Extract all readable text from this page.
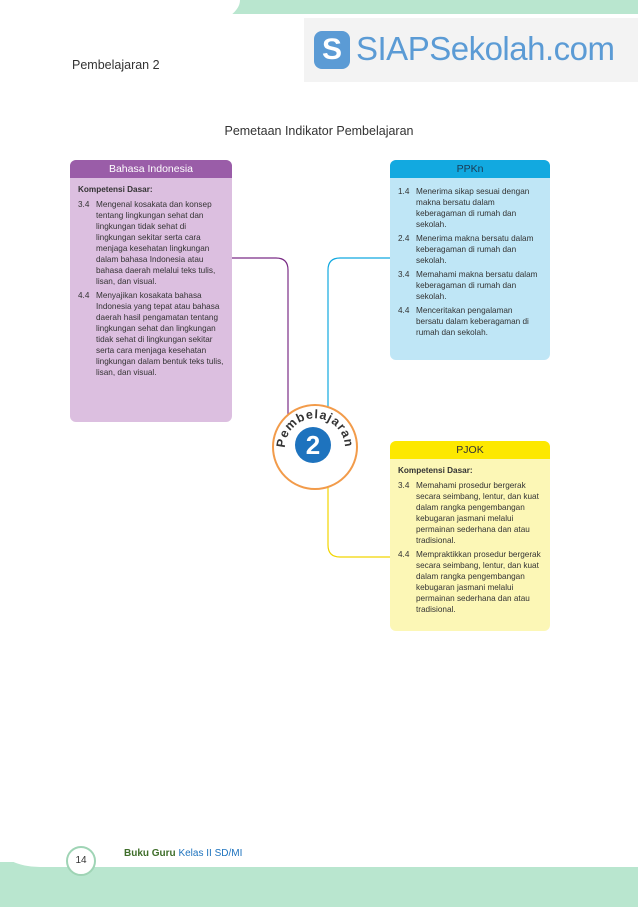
Pembelajaran 2	S SIAPSekolah.com
Pemetaan Indikator Pembelajaran
Bahasa Indonesia
Kompetensi Dasar:
3.4 Mengenal kosakata dan konsep tentang lingkungan sehat dan lingkungan tidak sehat di lingkungan sekitar serta cara menjaga kesehatan lingkungan dalam bahasa Indonesia atau bahasa daerah melalui teks tulis, lisan, dan visual.
4.4 Menyajikan kosakata bahasa Indonesia yang tepat atau bahasa daerah hasil pengamatan tentang lingkungan sehat dan lingkungan tidak sehat di lingkungan sekitar serta cara menjaga kesehatan lingkungan dalam bentuk teks tulis, lisan, dan visual.
PPKn
1.4 Menerima sikap sesuai dengan makna bersatu dalam keberagaman di rumah dan sekolah.
2.4 Menerima makna bersatu dalam keberagaman di rumah dan sekolah.
3.4 Memahami makna bersatu dalam keberagaman di rumah dan sekolah.
4.4 Menceritakan pengalaman bersatu dalam keberagaman di rumah dan sekolah.
PJOK
Kompetensi Dasar:
3.4 Memahami prosedur bergerak secara seimbang, lentur, dan kuat dalam rangka pengembangan kebugaran jasmani melalui permainan sederhana dan atau tradisional.
4.4 Mempraktikkan prosedur bergerak secara seimbang, lentur, dan kuat dalam rangka pengembangan kebugaran jasmani melalui permainan sederhana dan atau tradisional.
Pembelajaran
2
14
Buku Guru Kelas II SD/MI
